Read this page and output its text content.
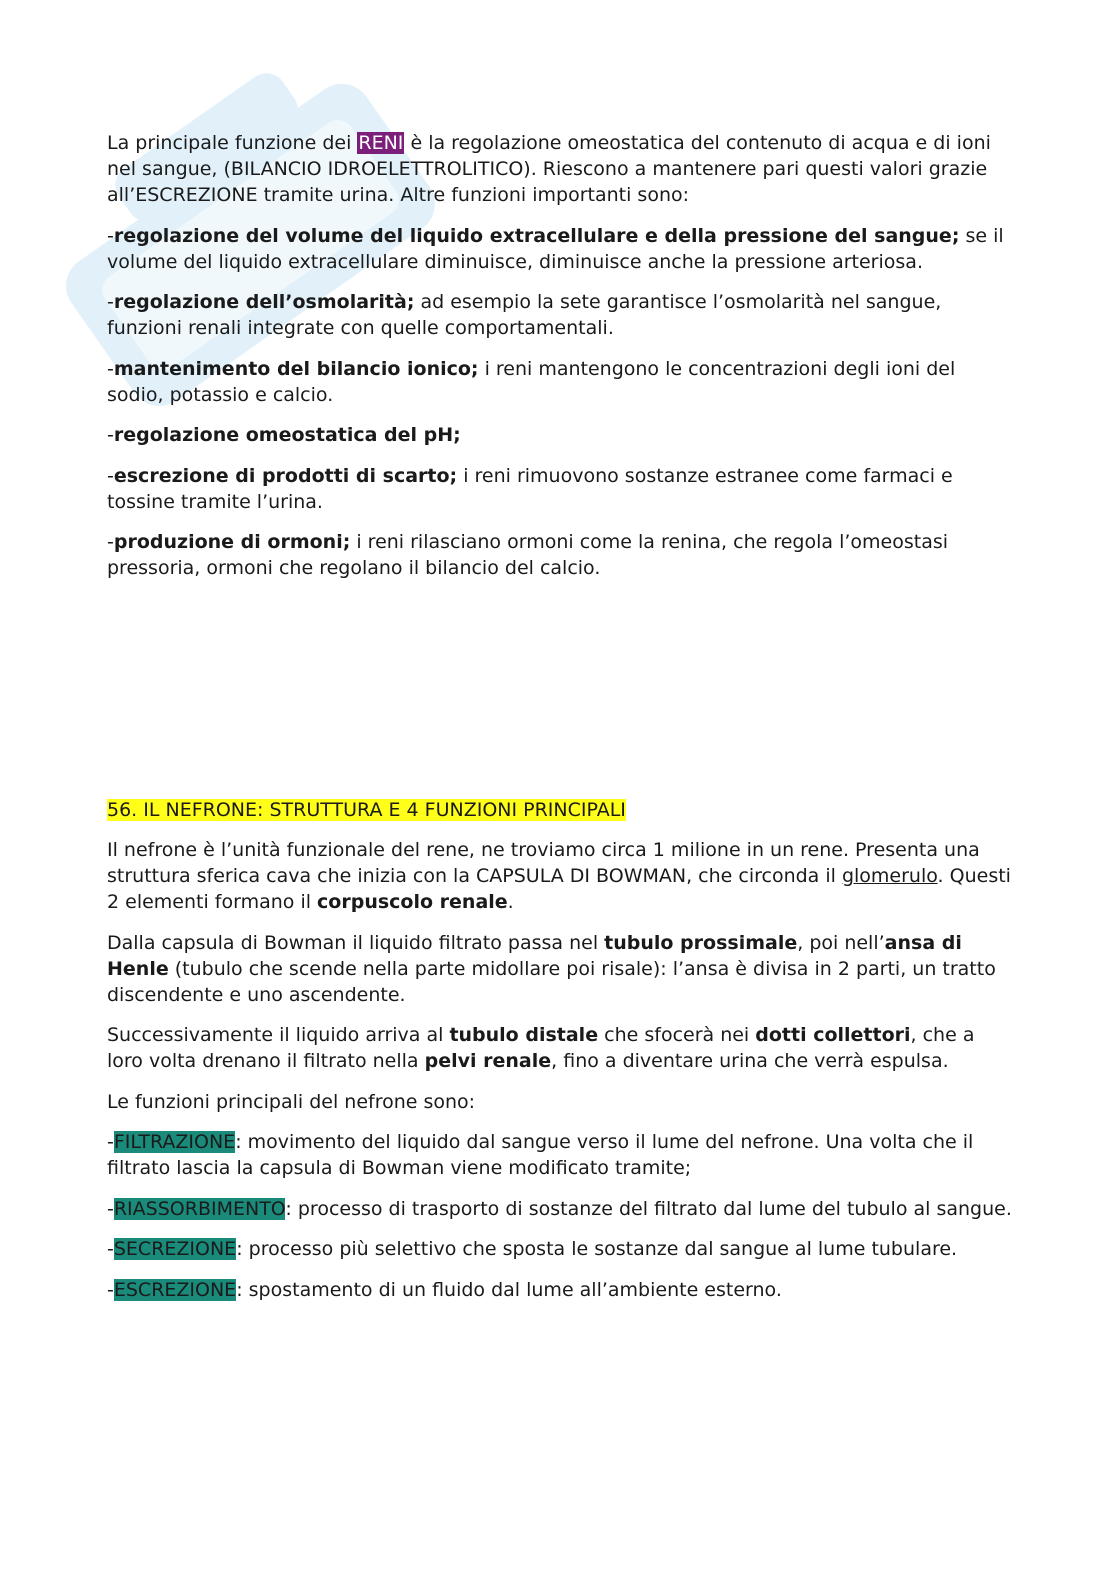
La principale funzione dei RENI è la regolazione omeostatica del contenuto di acqua e di ioni nel sangue, (BILANCIO IDROELETTROLITICO). Riescono a mantenere pari questi valori grazie all’ESCREZIONE tramite urina. Altre funzioni importanti sono:

-regolazione del volume del liquido extracellulare e della pressione del sangue; se il volume del liquido extracellulare diminuisce, diminuisce anche la pressione arteriosa.

-regolazione dell’osmolarità; ad esempio la sete garantisce l’osmolarità nel sangue, funzioni renali integrate con quelle comportamentali.

-mantenimento del bilancio ionico; i reni mantengono le concentrazioni degli ioni del sodio, potassio e calcio.

-regolazione omeostatica del pH;

-escrezione di prodotti di scarto; i reni rimuovono sostanze estranee come farmaci e tossine tramite l’urina.

-produzione di ormoni; i reni rilasciano ormoni come la renina, che regola l’omeostasi pressoria, ormoni che regolano il bilancio del calcio.

56. IL NEFRONE: STRUTTURA E 4 FUNZIONI PRINCIPALI

Il nefrone è l’unità funzionale del rene, ne troviamo circa 1 milione in un rene. Presenta una struttura sferica cava che inizia con la CAPSULA DI BOWMAN, che circonda il glomerulo. Questi 2 elementi formano il corpuscolo renale.

Dalla capsula di Bowman il liquido filtrato passa nel tubulo prossimale, poi nell’ansa di Henle (tubulo che scende nella parte midollare poi risale): l’ansa è divisa in 2 parti, un tratto discendente e uno ascendente.

Successivamente il liquido arriva al tubulo distale che sfocerà nei dotti collettori, che a loro volta drenano il filtrato nella pelvi renale, fino a diventare urina che verrà espulsa.

Le funzioni principali del nefrone sono:

-FILTRAZIONE: movimento del liquido dal sangue verso il lume del nefrone. Una volta che il filtrato lascia la capsula di Bowman viene modificato tramite;

-RIASSORBIMENTO: processo di trasporto di sostanze del filtrato dal lume del tubulo al sangue.

-SECREZIONE: processo più selettivo che sposta le sostanze dal sangue al lume tubulare.

-ESCREZIONE: spostamento di un fluido dal lume all’ambiente esterno.
